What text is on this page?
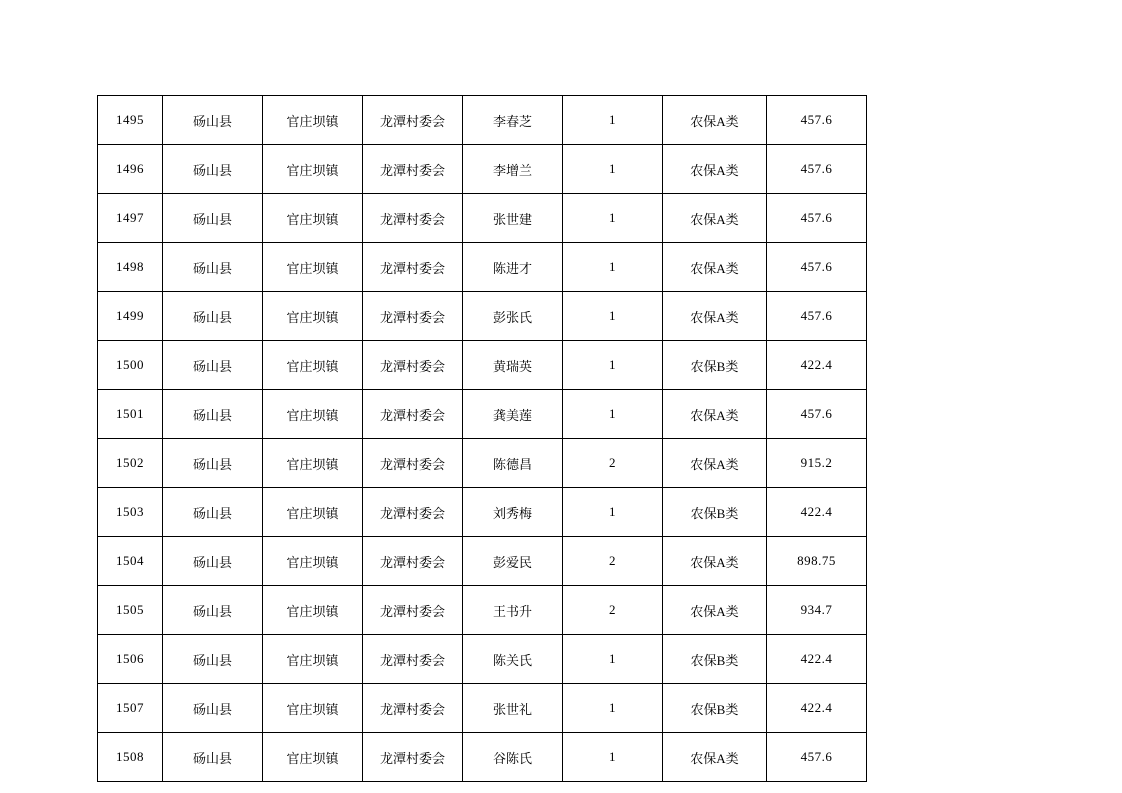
1495	砀山县	官庄坝镇	龙潭村委会	李春芝	1	农保A类	457.6
1496	砀山县	官庄坝镇	龙潭村委会	李增兰	1	农保A类	457.6
1497	砀山县	官庄坝镇	龙潭村委会	张世建	1	农保A类	457.6
1498	砀山县	官庄坝镇	龙潭村委会	陈进才	1	农保A类	457.6
1499	砀山县	官庄坝镇	龙潭村委会	彭张氏	1	农保A类	457.6
1500	砀山县	官庄坝镇	龙潭村委会	黄瑞英	1	农保B类	422.4
1501	砀山县	官庄坝镇	龙潭村委会	龚美莲	1	农保A类	457.6
1502	砀山县	官庄坝镇	龙潭村委会	陈德昌	2	农保A类	915.2
1503	砀山县	官庄坝镇	龙潭村委会	刘秀梅	1	农保B类	422.4
1504	砀山县	官庄坝镇	龙潭村委会	彭爱民	2	农保A类	898.75
1505	砀山县	官庄坝镇	龙潭村委会	王书升	2	农保A类	934.7
1506	砀山县	官庄坝镇	龙潭村委会	陈关氏	1	农保B类	422.4
1507	砀山县	官庄坝镇	龙潭村委会	张世礼	1	农保B类	422.4
1508	砀山县	官庄坝镇	龙潭村委会	谷陈氏	1	农保A类	457.6
